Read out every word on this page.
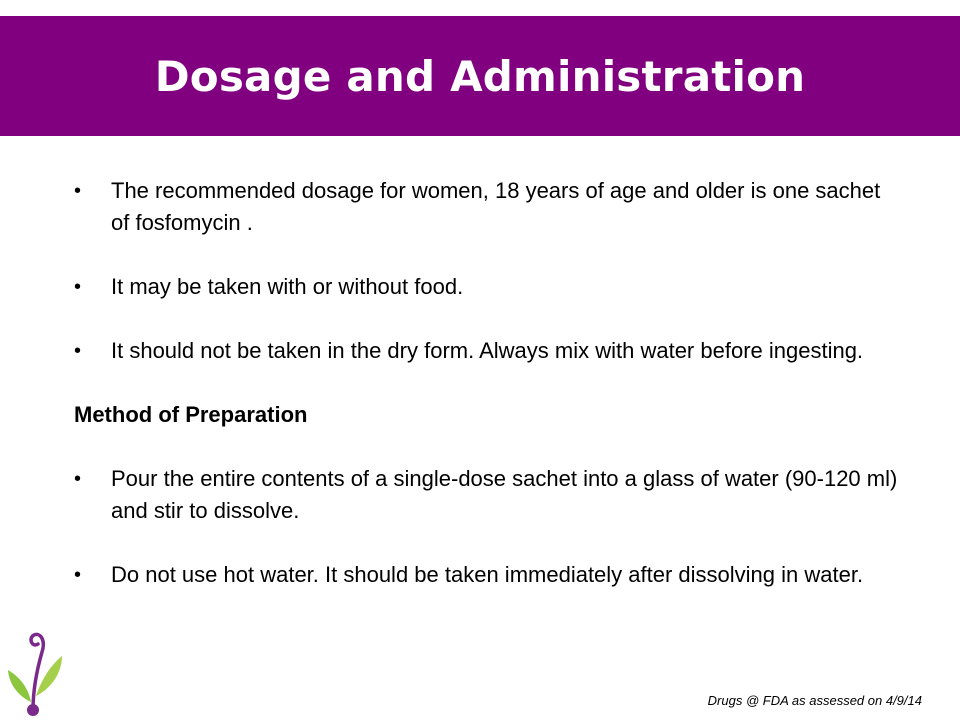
Dosage and Administration
• The recommended dosage for women, 18 years of age and older is one sachet of fosfomycin .
• It may be taken with or without food.
• It should not be taken in the dry form. Always mix with water before ingesting.
Method of Preparation
• Pour the entire contents of a single-dose sachet into a glass of water (90-120 ml) and stir to dissolve.
• Do not use hot water. It should be taken immediately after dissolving in water.
Drugs @ FDA as assessed on 4/9/14
